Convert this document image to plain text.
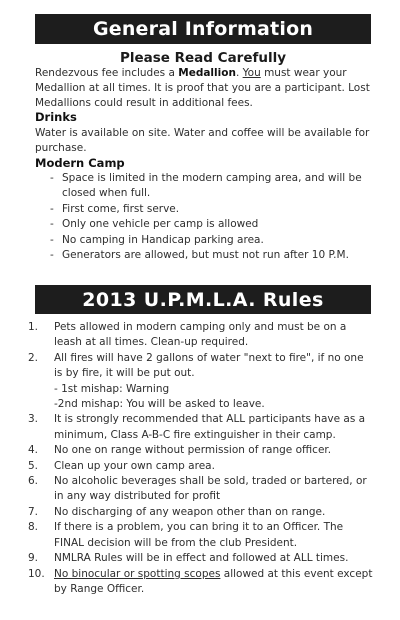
General Information
Please Read Carefully
Rendezvous fee includes a Medallion. You must wear your Medallion at all times. It is proof that you are a participant. Lost Medallions could result in additional fees.
Drinks
Water is available on site. Water and coffee will be available for purchase.
Modern Camp
- Space is limited in the modern camping area, and will be closed when full.
- First come, first serve.
- Only one vehicle per camp is allowed
- No camping in Handicap parking area.
- Generators are allowed, but must not run after 10 P.M.
2013 U.P.M.L.A. Rules
1. Pets allowed in modern camping only and must be on a leash at all times. Clean-up required.
2. All fires will have 2 gallons of water "next to fire", if no one is by fire, it will be put out.
- 1st mishap: Warning
-2nd mishap: You will be asked to leave.
3. It is strongly recommended that ALL participants have as a minimum, Class A-B-C fire extinguisher in their camp.
4. No one on range without permission of range officer.
5. Clean up your own camp area.
6. No alcoholic beverages shall be sold, traded or bartered, or in any way distributed for profit
7. No discharging of any weapon other than on range.
8. If there is a problem, you can bring it to an Officer. The FINAL decision will be from the club President.
9. NMLRA Rules will be in effect and followed at ALL times.
10. No binocular or spotting scopes allowed at this event except by Range Officer.
